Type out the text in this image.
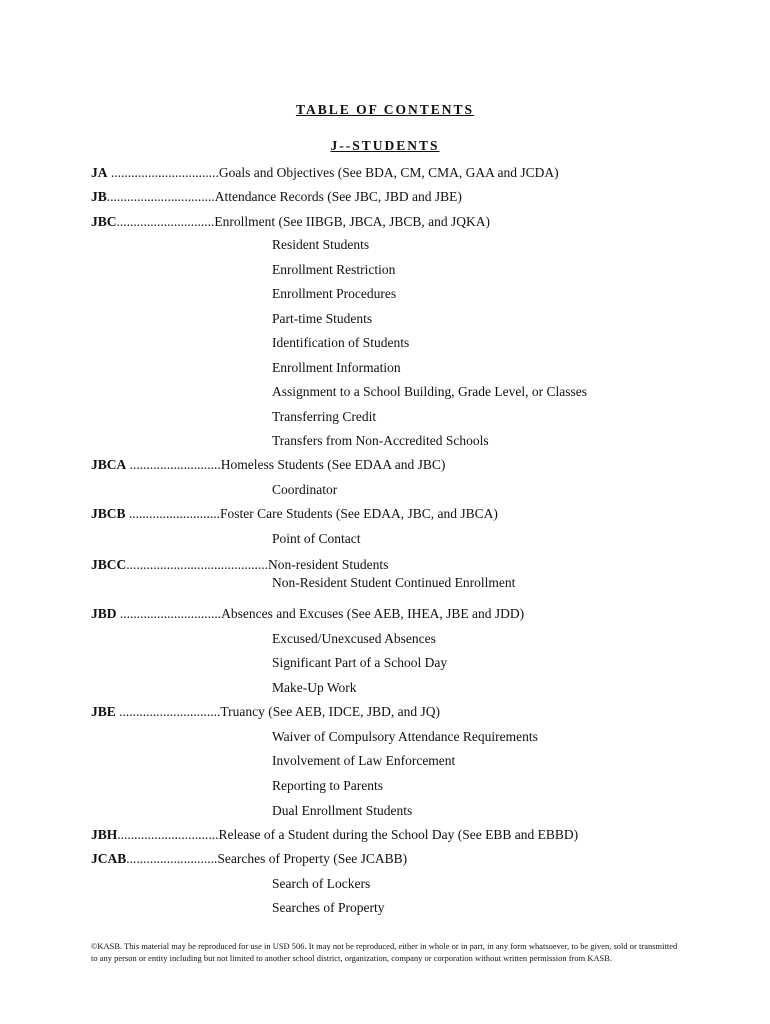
TABLE OF CONTENTS
J--STUDENTS
JA ................................Goals and Objectives (See BDA, CM, CMA, GAA and JCDA)
JB................................Attendance Records (See JBC, JBD and JBE)
JBC.............................Enrollment (See IIBGB, JBCA, JBCB, and JQKA)
Resident Students
Enrollment Restriction
Enrollment Procedures
Part-time Students
Identification of Students
Enrollment Information
Assignment to a School Building, Grade Level, or Classes
Transferring Credit
Transfers from Non-Accredited Schools
JBCA ...........................Homeless Students (See EDAA and JBC)
Coordinator
JBCB ...........................Foster Care Students (See EDAA, JBC, and JBCA)
Point of Contact
JBCC..........................................Non-resident Students
Non-Resident Student Continued Enrollment
JBD ..............................Absences and Excuses (See AEB, IHEA, JBE and JDD)
Excused/Unexcused Absences
Significant Part of a School Day
Make-Up Work
JBE ..............................Truancy (See AEB, IDCE, JBD, and JQ)
Waiver of Compulsory Attendance Requirements
Involvement of Law Enforcement
Reporting to Parents
Dual Enrollment Students
JBH..............................Release of a Student during the School Day (See EBB and EBBD)
JCAB...........................Searches of Property (See JCABB)
Search of Lockers
Searches of Property
©KASB. This material may be reproduced for use in USD 506. It may not be reproduced, either in whole or in part, in any form whatsoever, to be given, sold or transmitted to any person or entity including but not limited to another school district, organization, company or corporation without written permission from KASB.
